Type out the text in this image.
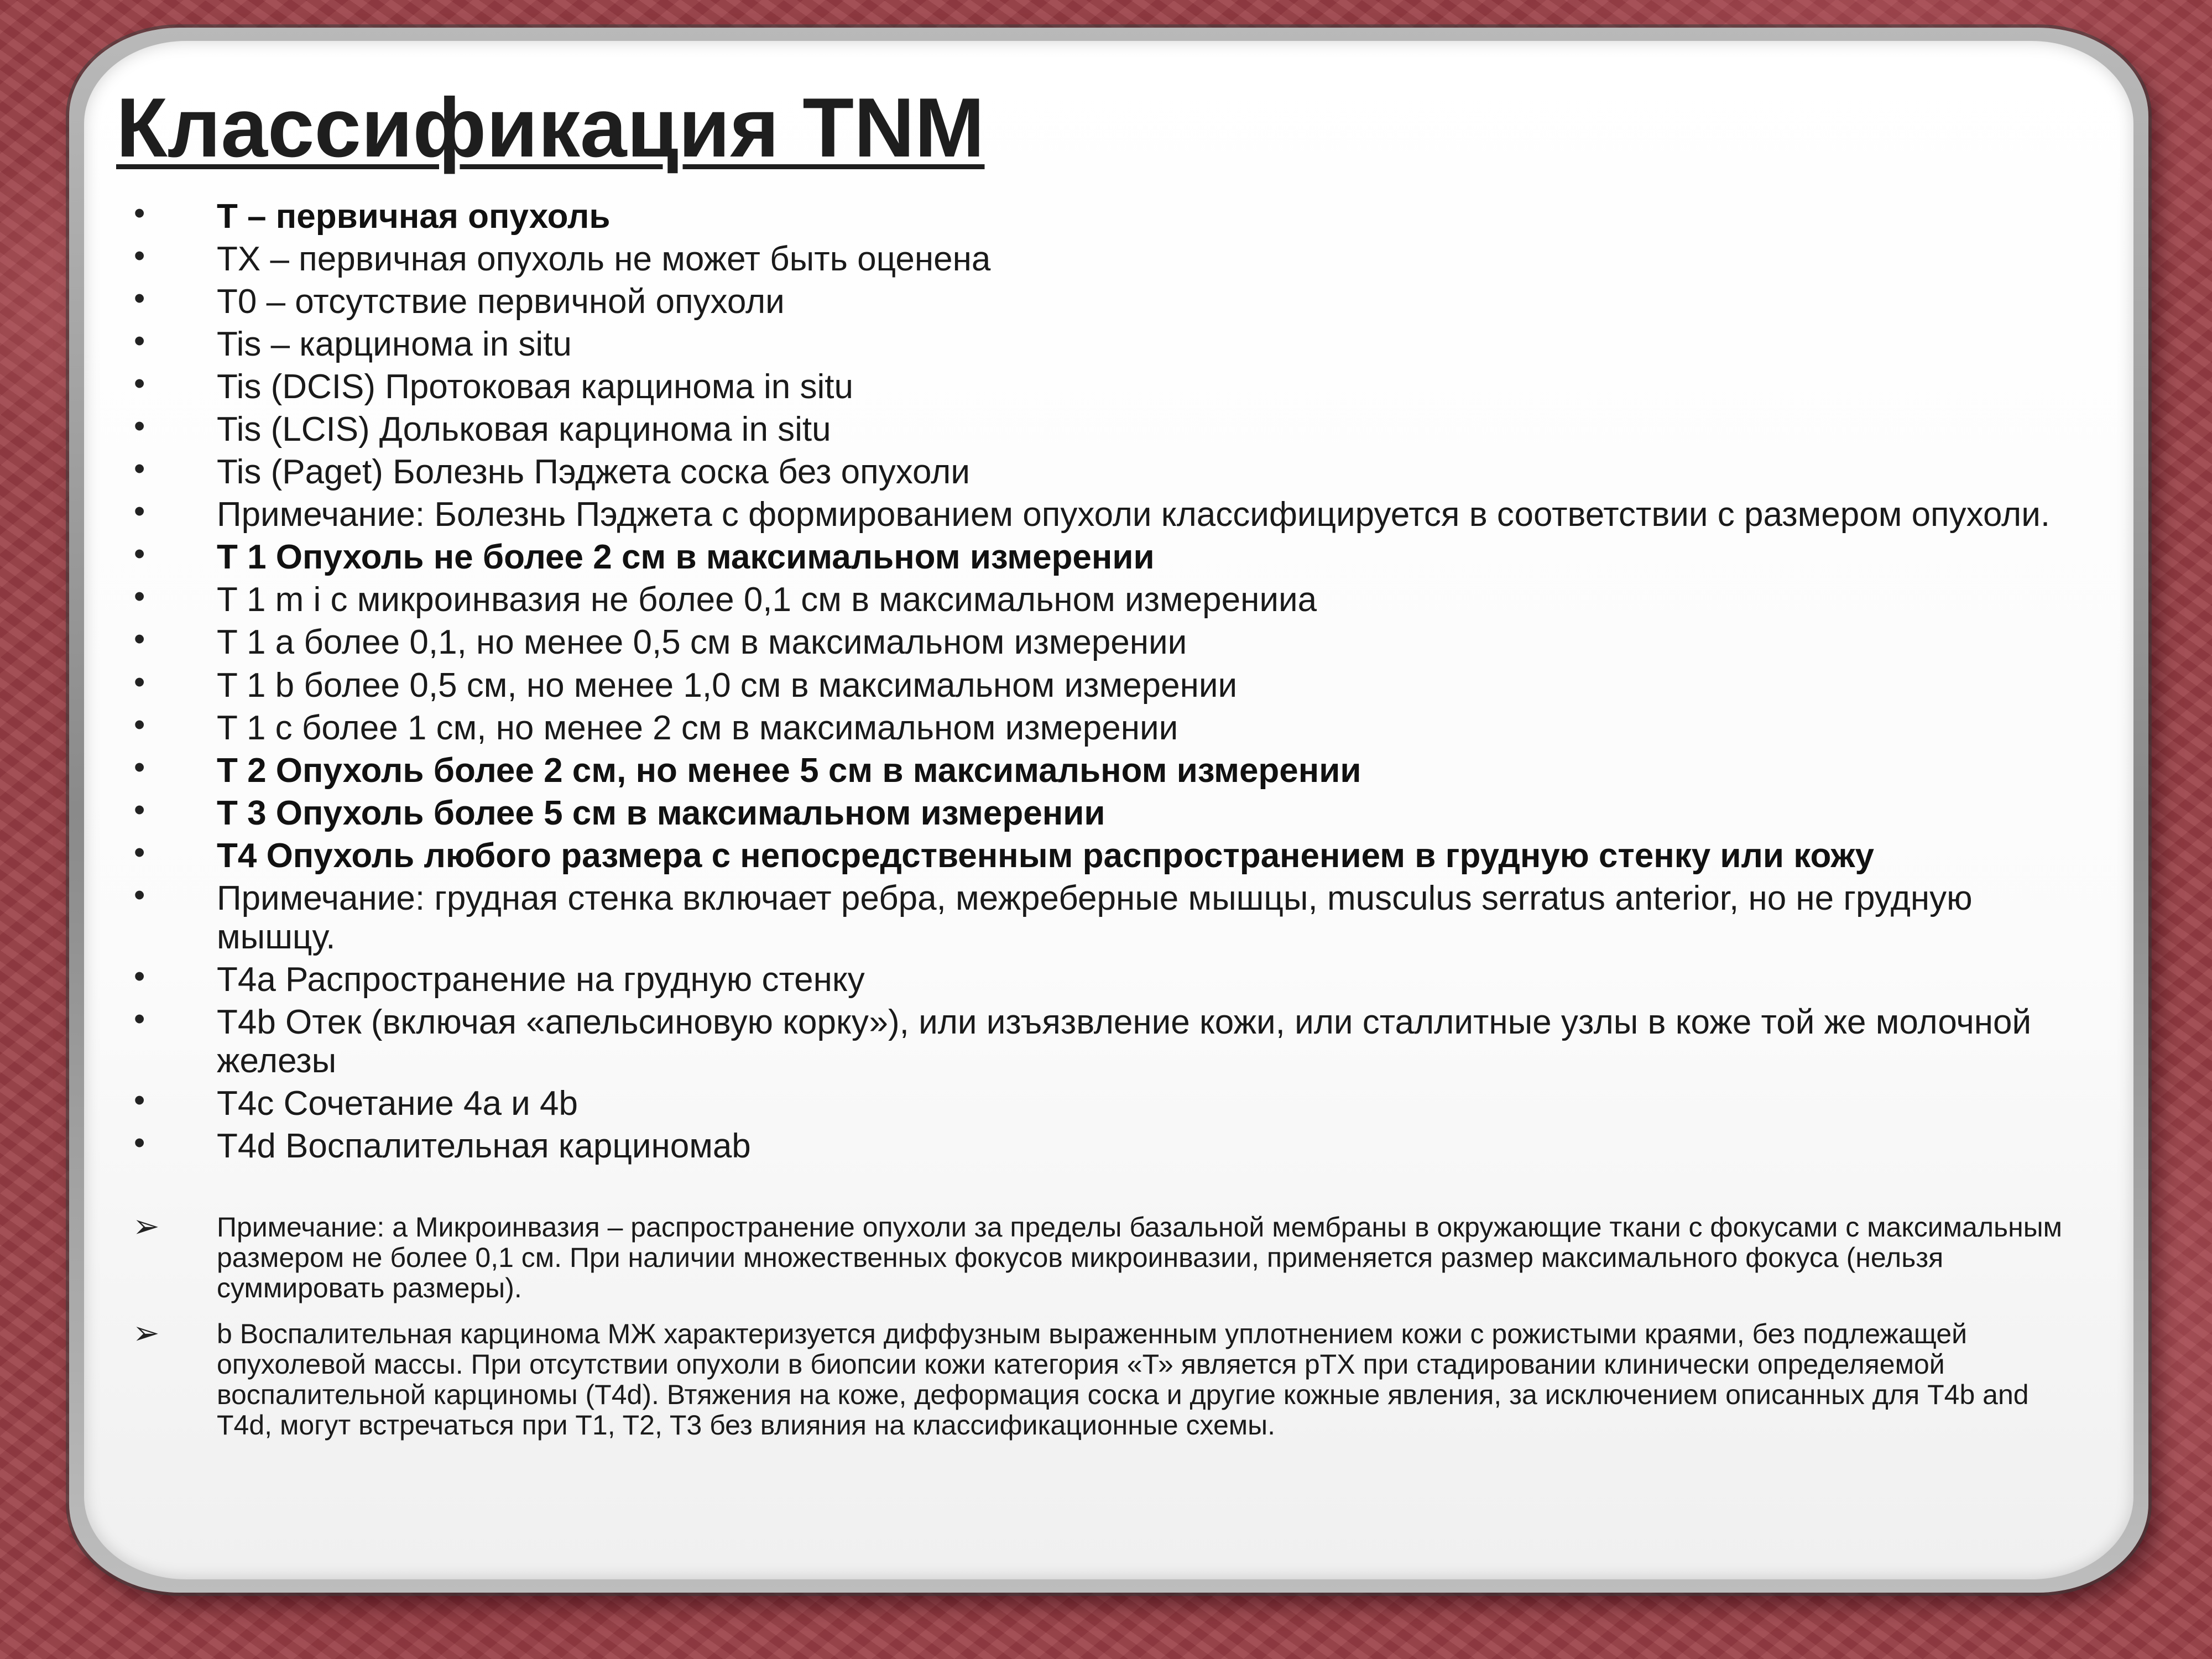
Классификация TNM
• T – первичная опухоль
• TX – первичная опухоль не может быть оценена
• T0 – отсутствие первичной опухоли
• Tis – карцинома in situ
• Tis (DCIS) Протоковая карцинома in situ
• Tis (LCIS) Дольковая карцинома in situ
• Tis (Paget) Болезнь Пэджета соска без опухоли
• Примечание: Болезнь Пэджета с формированием опухоли классифицируется в соответствии с размером опухоли.
• T 1 Опухоль не более 2 см в максимальном измерении
• T 1 m i c микроинвазия не более 0,1 см в максимальном измеренииа
• T 1 a более 0,1, но менее 0,5 см в максимальном измерении
• T 1 b более 0,5 см, но менее 1,0 см в максимальном измерении
• T 1 c более 1 см, но менее 2 см в максимальном измерении
• T 2 Опухоль более 2 см, но менее 5 см в максимальном измерении
• T 3 Опухоль более 5 см в максимальном измерении
• T4 Опухоль любого размера с непосредственным распространением в грудную стенку или кожу
• Примечание: грудная стенка включает ребра, межреберные мышцы, musculus serratus anterior, но не грудную мышцу.
• T4a Распространение на грудную стенку
• T4b Отек (включая «апельсиновую корку»), или изъязвление кожи, или сталлитные узлы в коже той же молочной железы
• T4c Сочетание 4a и 4b
• T4d Воспалительная карциномаb
➢ Примечание: a Микроинвазия – распространение опухоли за пределы базальной мембраны в окружающие ткани с фокусами с максимальным размером не более 0,1 см. При наличии множественных фокусов микроинвазии, применяется размер максимального фокуса (нельзя суммировать размеры).
➢ b Воспалительная карцинома МЖ характеризуется диффузным выраженным уплотнением кожи с рожистыми краями, без подлежащей опухолевой массы. При отсутствии опухоли в биопсии кожи категория «Т» является pTX при стадировании клинически определяемой воспалительной карциномы (T4d). Втяжения на коже, деформация соска и другие кожные явления, за исключением описанных для T4b and T4d, могут встречаться при T1, T2, T3 без влияния на классификационные схемы.
